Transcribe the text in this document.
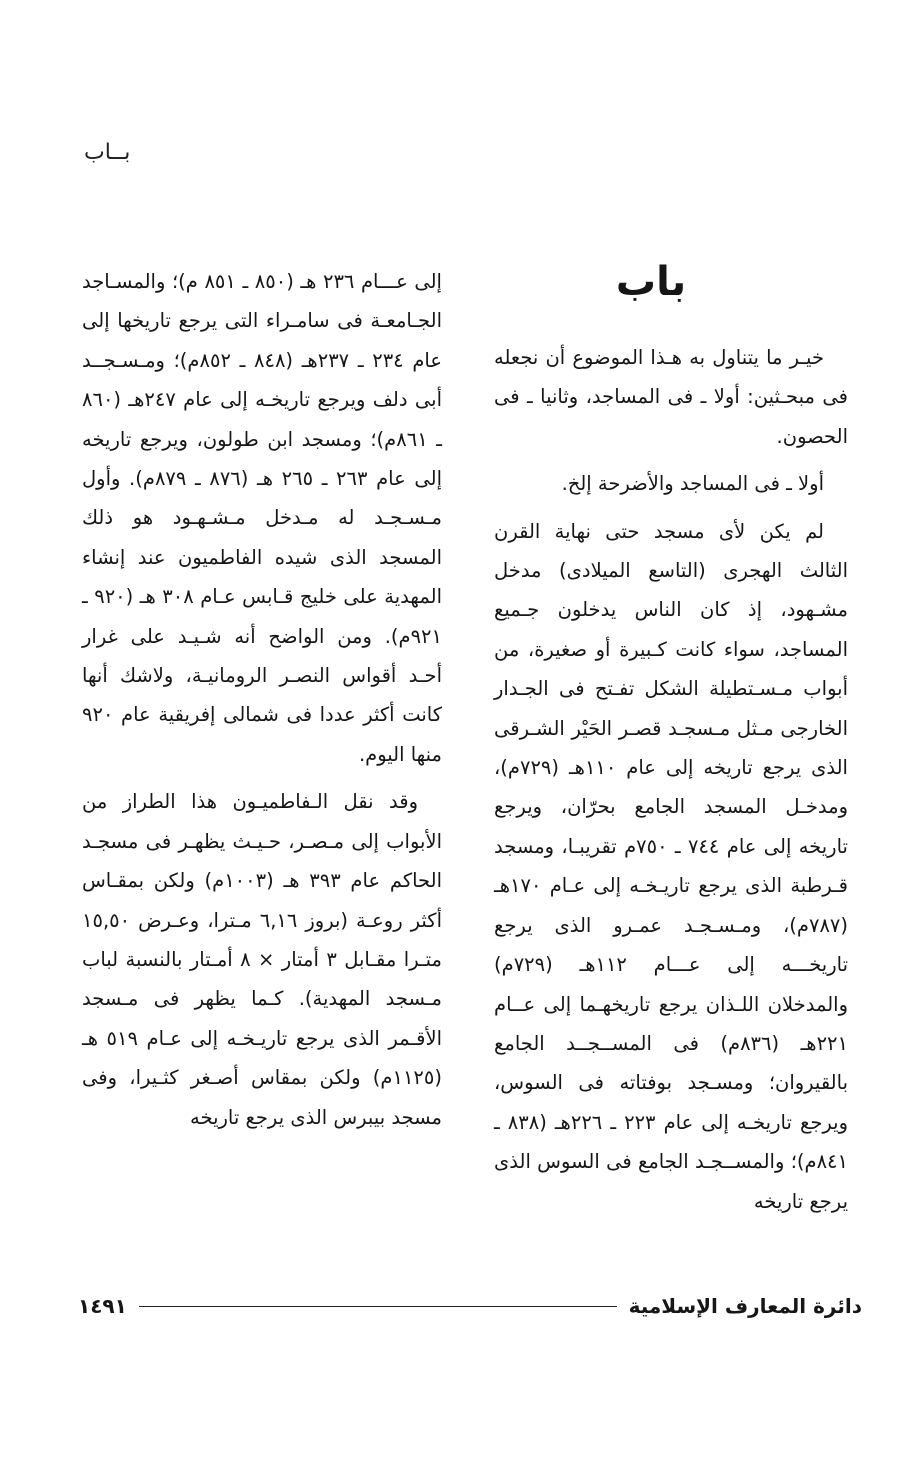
بــاب

باب

خيـر ما يتناول به هـذا الموضوع أن نجعله فى مبحـثين: أولا ـ فى المساجد، وثانيا ـ فى الحصون.

أولا ـ فى المساجد والأضرحة إلخ.

لم يكن لأى مسجد حتى نهاية القرن الثالث الهجرى (التاسع الميلادى) مدخل مشـهود، إذ كان الناس يدخلون جـميع المساجد، سواء كانت كـبيرة أو صغيرة، من أبواب مـسـتطيلة الشكل تفـتح فى الجـدار الخارجى مـثل مـسجـد قصـر الحَيْر الشـرقى الذى يرجع تاريخه إلى عام ١١٠هـ (٧٢٩م)، ومدخـل المسجد الجامع بحرّان، ويرجع تاريخه إلى عام ٧٤٤ ـ ٧٥٠م تقريبـا، ومسجد قـرطبة الذى يرجع تاريـخـه إلى عـام ١٧٠هـ (٧٨٧م)، ومـسـجـد عمـرو الذى يرجع تاريخـــه إلى عـــام ١١٢هـ (٧٢٩م) والمدخلان اللـذان يرجع تاريخهـما إلى عــام ٢٢١هـ (٨٣٦م) فى المســجــد الجامع بالقيروان؛ ومسـجد بوفتاته فى السوس، ويرجع تاريخـه إلى عام ٢٢٣ ـ ٢٢٦هـ (٨٣٨ ـ ٨٤١م)؛ والمســجـد الجامع فى السوس الذى يرجع تاريخه

إلى عـــام ٢٣٦ هـ (٨٥٠ ـ ٨٥١ م)؛ والمسـاجد الجـامعـة فى سامـراء التى يرجع تاريخها إلى عام ٢٣٤ ـ ٢٣٧هـ (٨٤٨ ـ ٨٥٢م)؛ ومـسـجــد أبى دلف ويرجع تاريخـه إلى عام ٢٤٧هـ (٨٦٠ ـ ٨٦١م)؛ ومسجد ابن طولون، ويرجع تاريخه إلى عام ٢٦٣ ـ ٢٦٥ هـ (٨٧٦ ـ ٨٧٩م). وأول مـسـجـد له مـدخل مـشـهـود هو ذلك المسجد الذى شيده الفاطميون عند إنشاء المهدية على خليج قـابس عـام ٣٠٨ هـ (٩٢٠ ـ ٩٢١م). ومن الواضح أنه شـيـد على غرار أحـد أقواس النصـر الرومانيـة، ولاشك أنها كانت أكثر عددا فى شمالى إفريقية عام ٩٢٠ منها اليوم.

وقد نقل الـفاطميـون هذا الطراز من الأبواب إلى مـصـر، حـيـث يظهـر فى مسجـد الحاكم عام ٣٩٣ هـ (١٠٠٣م) ولكن بمقـاس أكثر روعـة (بروز ٦,١٦ مـترا، وعـرض ١٥,٥٠ متـرا مقـابل ٣ أمتار × ٨ أمـتار بالنسبة لباب مـسجد المهدية). كـما يظهر فى مـسجد الأقـمر الذى يرجع تاريـخـه إلى عـام ٥١٩ هـ (١١٢٥م) ولكن بمقاس أصـغر كثـيرا، وفى مسجد بيبرس الذى يرجع تاريخه

دائرة المعارف الإسلامية
١٤٩١
